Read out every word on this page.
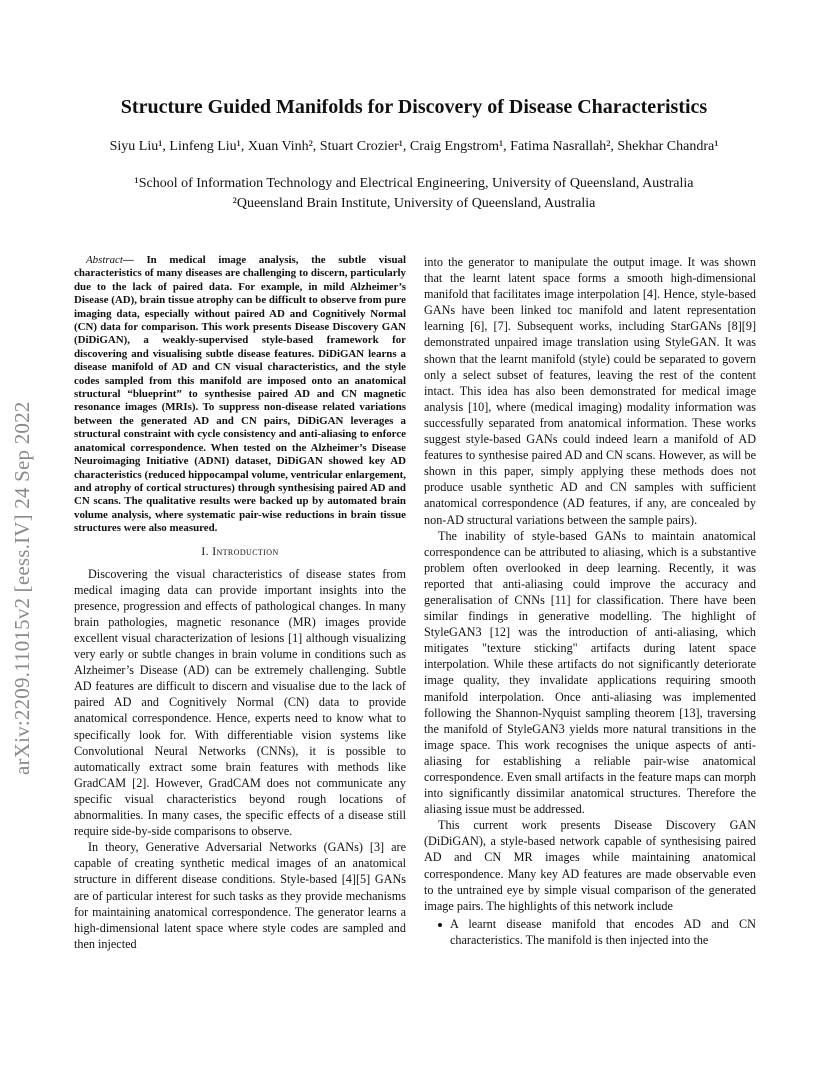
arXiv:2209.11015v2 [eess.IV] 24 Sep 2022
Structure Guided Manifolds for Discovery of Disease Characteristics
Siyu Liu¹, Linfeng Liu¹, Xuan Vinh², Stuart Crozier¹, Craig Engstrom¹, Fatima Nasrallah², Shekhar Chandra¹
¹School of Information Technology and Electrical Engineering, University of Queensland, Australia
²Queensland Brain Institute, University of Queensland, Australia

Abstract— In medical image analysis, the subtle visual characteristics of many diseases are challenging to discern, particularly due to the lack of paired data. For example, in mild Alzheimer’s Disease (AD), brain tissue atrophy can be difficult to observe from pure imaging data, especially without paired AD and Cognitively Normal (CN) data for comparison. This work presents Disease Discovery GAN (DiDiGAN), a weakly-supervised style-based framework for discovering and visualising subtle disease features. DiDiGAN learns a disease manifold of AD and CN visual characteristics, and the style codes sampled from this manifold are imposed onto an anatomical structural “blueprint” to synthesise paired AD and CN magnetic resonance images (MRIs). To suppress non-disease related variations between the generated AD and CN pairs, DiDiGAN leverages a structural constraint with cycle consistency and anti-aliasing to enforce anatomical correspondence. When tested on the Alzheimer’s Disease Neuroimaging Initiative (ADNI) dataset, DiDiGAN showed key AD characteristics (reduced hippocampal volume, ventricular enlargement, and atrophy of cortical structures) through synthesising paired AD and CN scans. The qualitative results were backed up by automated brain volume analysis, where systematic pair-wise reductions in brain tissue structures were also measured.

I. Introduction

Discovering the visual characteristics of disease states from medical imaging data can provide important insights into the presence, progression and effects of pathological changes. In many brain pathologies, magnetic resonance (MR) images provide excellent visual characterization of lesions [1] although visualizing very early or subtle changes in brain volume in conditions such as Alzheimer’s Disease (AD) can be extremely challenging. Subtle AD features are difficult to discern and visualise due to the lack of paired AD and Cognitively Normal (CN) data to provide anatomical correspondence. Hence, experts need to know what to specifically look for. With differentiable vision systems like Convolutional Neural Networks (CNNs), it is possible to automatically extract some brain features with methods like GradCAM [2]. However, GradCAM does not communicate any specific visual characteristics beyond rough locations of abnormalities. In many cases, the specific effects of a disease still require side-by-side comparisons to observe.

In theory, Generative Adversarial Networks (GANs) [3] are capable of creating synthetic medical images of an anatomical structure in different disease conditions. Style-based [4][5] GANs are of particular interest for such tasks as they provide mechanisms for maintaining anatomical correspondence. The generator learns a high-dimensional latent space where style codes are sampled and then injected

into the generator to manipulate the output image. It was shown that the learnt latent space forms a smooth high-dimensional manifold that facilitates image interpolation [4]. Hence, style-based GANs have been linked toc manifold and latent representation learning [6], [7]. Subsequent works, including StarGANs [8][9] demonstrated unpaired image translation using StyleGAN. It was shown that the learnt manifold (style) could be separated to govern only a select subset of features, leaving the rest of the content intact. This idea has also been demonstrated for medical image analysis [10], where (medical imaging) modality information was successfully separated from anatomical information. These works suggest style-based GANs could indeed learn a manifold of AD features to synthesise paired AD and CN scans. However, as will be shown in this paper, simply applying these methods does not produce usable synthetic AD and CN samples with sufficient anatomical correspondence (AD features, if any, are concealed by non-AD structural variations between the sample pairs).

The inability of style-based GANs to maintain anatomical correspondence can be attributed to aliasing, which is a substantive problem often overlooked in deep learning. Recently, it was reported that anti-aliasing could improve the accuracy and generalisation of CNNs [11] for classification. There have been similar findings in generative modelling. The highlight of StyleGAN3 [12] was the introduction of anti-aliasing, which mitigates "texture sticking" artifacts during latent space interpolation. While these artifacts do not significantly deteriorate image quality, they invalidate applications requiring smooth manifold interpolation. Once anti-aliasing was implemented following the Shannon-Nyquist sampling theorem [13], traversing the manifold of StyleGAN3 yields more natural transitions in the image space. This work recognises the unique aspects of anti-aliasing for establishing a reliable pair-wise anatomical correspondence. Even small artifacts in the feature maps can morph into significantly dissimilar anatomical structures. Therefore the aliasing issue must be addressed.

This current work presents Disease Discovery GAN (DiDiGAN), a style-based network capable of synthesising paired AD and CN MR images while maintaining anatomical correspondence. Many key AD features are made observable even to the untrained eye by simple visual comparison of the generated image pairs. The highlights of this network include

A learnt disease manifold that encodes AD and CN characteristics. The manifold is then injected into the
